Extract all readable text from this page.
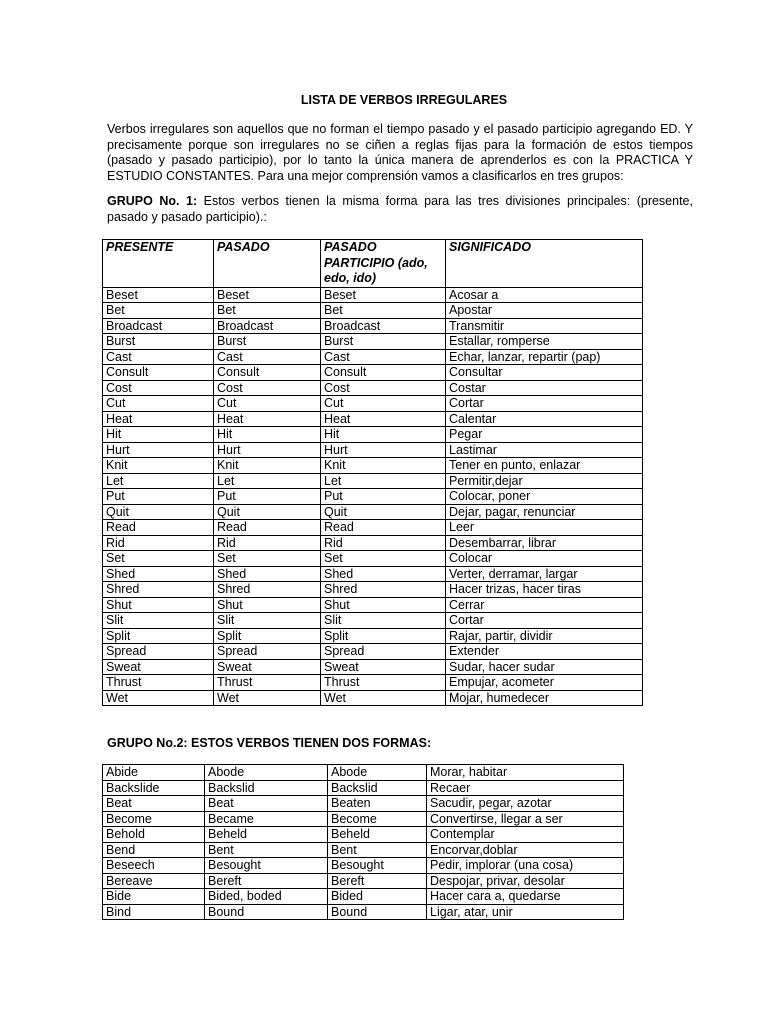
LISTA DE VERBOS IRREGULARES
Verbos irregulares son aquellos que no forman el tiempo pasado y el pasado participio agregando ED. Y precisamente porque son irregulares no se ciñen a reglas fijas para la formación de estos tiempos (pasado y pasado participio), por lo tanto la única manera de aprenderlos es con la PRACTICA Y ESTUDIO CONSTANTES. Para una mejor comprensión vamos a clasificarlos en tres grupos:
GRUPO No. 1: Estos verbos tienen la misma forma para las tres divisiones principales: (presente, pasado y pasado participio).:
PRESENTE	PASADO	PASADO PARTICIPIO (ado, edo, ido)	SIGNIFICADO
Beset	Beset	Beset	Acosar a
Bet	Bet	Bet	Apostar
Broadcast	Broadcast	Broadcast	Transmitir
Burst	Burst	Burst	Estallar, romperse
Cast	Cast	Cast	Echar, lanzar, repartir (pap)
Consult	Consult	Consult	Consultar
Cost	Cost	Cost	Costar
Cut	Cut	Cut	Cortar
Heat	Heat	Heat	Calentar
Hit	Hit	Hit	Pegar
Hurt	Hurt	Hurt	Lastimar
Knit	Knit	Knit	Tener en punto, enlazar
Let	Let	Let	Permitir,dejar
Put	Put	Put	Colocar, poner
Quit	Quit	Quit	Dejar, pagar, renunciar
Read	Read	Read	Leer
Rid	Rid	Rid	Desembarrar, librar
Set	Set	Set	Colocar
Shed	Shed	Shed	Verter, derramar, largar
Shred	Shred	Shred	Hacer trizas, hacer tiras
Shut	Shut	Shut	Cerrar
Slit	Slit	Slit	Cortar
Split	Split	Split	Rajar, partir, dividir
Spread	Spread	Spread	Extender
Sweat	Sweat	Sweat	Sudar, hacer sudar
Thrust	Thrust	Thrust	Empujar, acometer
Wet	Wet	Wet	Mojar, humedecer
GRUPO No.2: ESTOS VERBOS TIENEN DOS FORMAS:
Abide	Abode	Abode	Morar, habitar
Backslide	Backslid	Backslid	Recaer
Beat	Beat	Beaten	Sacudir, pegar, azotar
Become	Became	Become	Convertirse, llegar a ser
Behold	Beheld	Beheld	Contemplar
Bend	Bent	Bent	Encorvar,doblar
Beseech	Besought	Besought	Pedir, implorar (una cosa)
Bereave	Bereft	Bereft	Despojar, privar, desolar
Bide	Bided, boded	Bided	Hacer cara a, quedarse
Bind	Bound	Bound	Ligar, atar, unir
